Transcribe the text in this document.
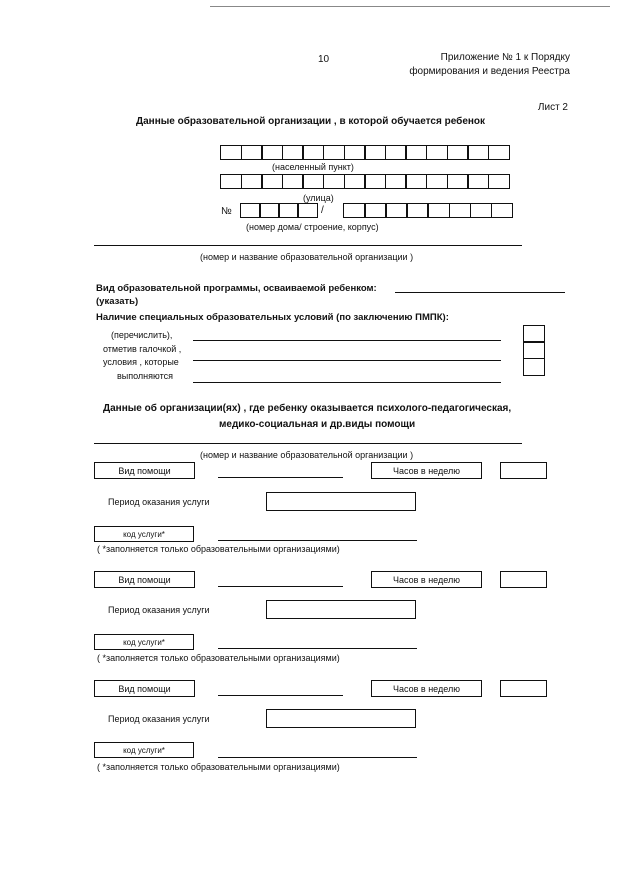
10	Приложение № 1 к Порядку
формирования и ведения Реестра
Лист 2
Данные образовательной организации , в которой обучается ребенок
(населенный пункт)
(улица)
№	/
(номер дома/ строение, корпус)
(номер и название образовательной организации )
Вид образовательной программы, осваиваемой ребенком:
(указать)
Наличие специальных образовательных условий (по заключению ПМПК):
(перечислить),
отметив галочкой ,
условия , которые
выполняются
Данные об организации(ях) , где ребенку оказывается психолого-педагогическая,
медико-социальная и др.виды помощи
(номер и название образовательной организации )
Вид помощи	Часов в неделю
Период оказания услуги
код услуги*
( *заполняется только образовательными организациями)
Вид помощи	Часов в неделю
Период оказания услуги
код услуги*
( *заполняется только образовательными организациями)
Вид помощи	Часов в неделю
Период оказания услуги
код услуги*
( *заполняется только образовательными организациями)
